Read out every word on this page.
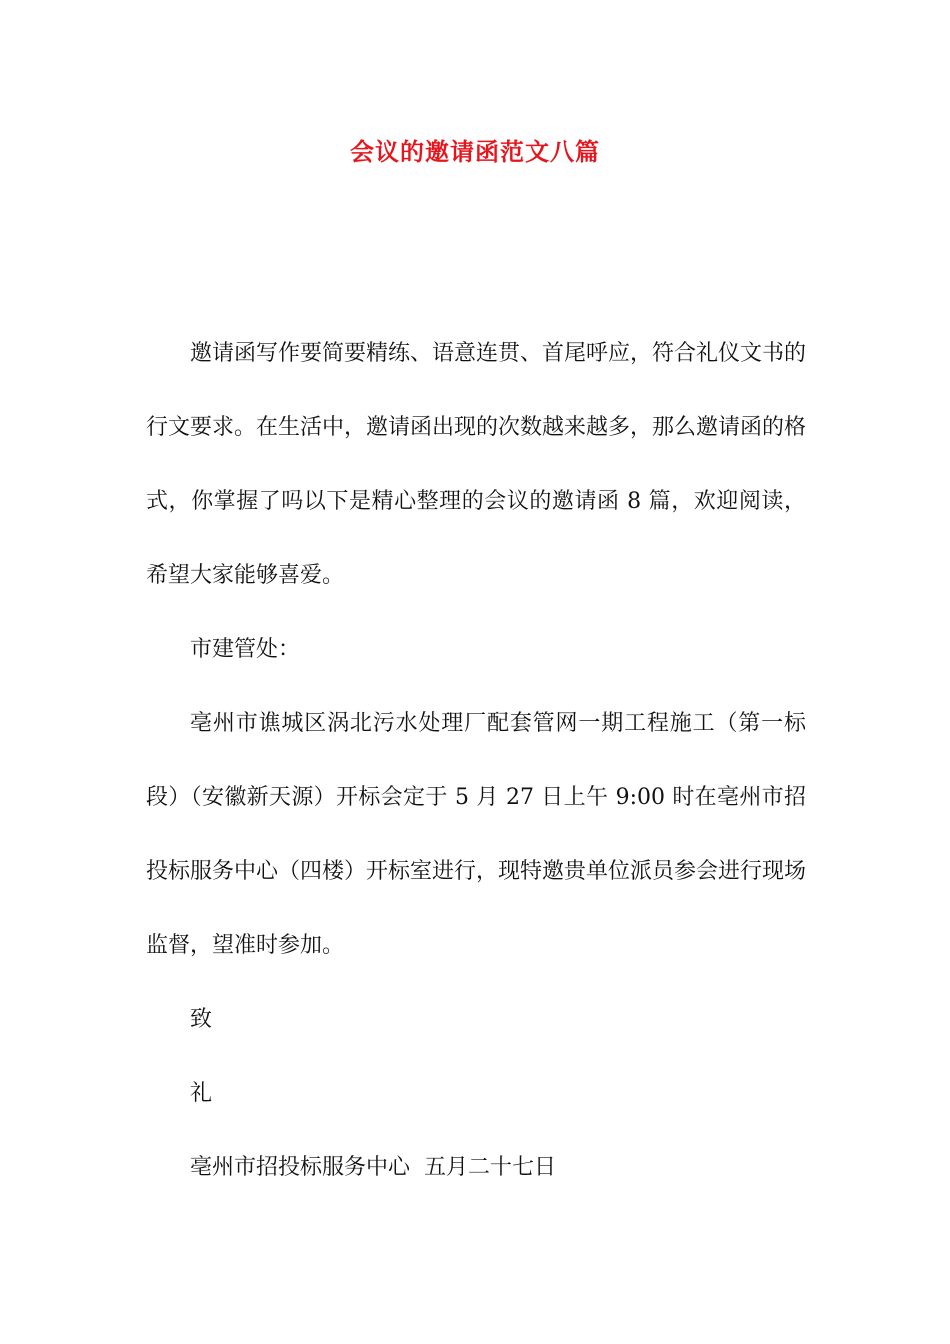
会议的邀请函范文八篇

邀请函写作要简要精练、语意连贯、首尾呼应，符合礼仪文书的行文要求。在生活中，邀请函出现的次数越来越多，那么邀请函的格式，你掌握了吗以下是精心整理的会议的邀请函 8 篇，欢迎阅读，希望大家能够喜爱。

市建管处：

亳州市谯城区涡北污水处理厂配套管网一期工程施工（第一标段）（安徽新天源）开标会定于 5 月 27 日上午 9:00 时在亳州市招投标服务中心（四楼）开标室进行，现特邀贵单位派员参会进行现场监督，望准时参加。

致

礼

亳州市招投标服务中心  五月二十七日
